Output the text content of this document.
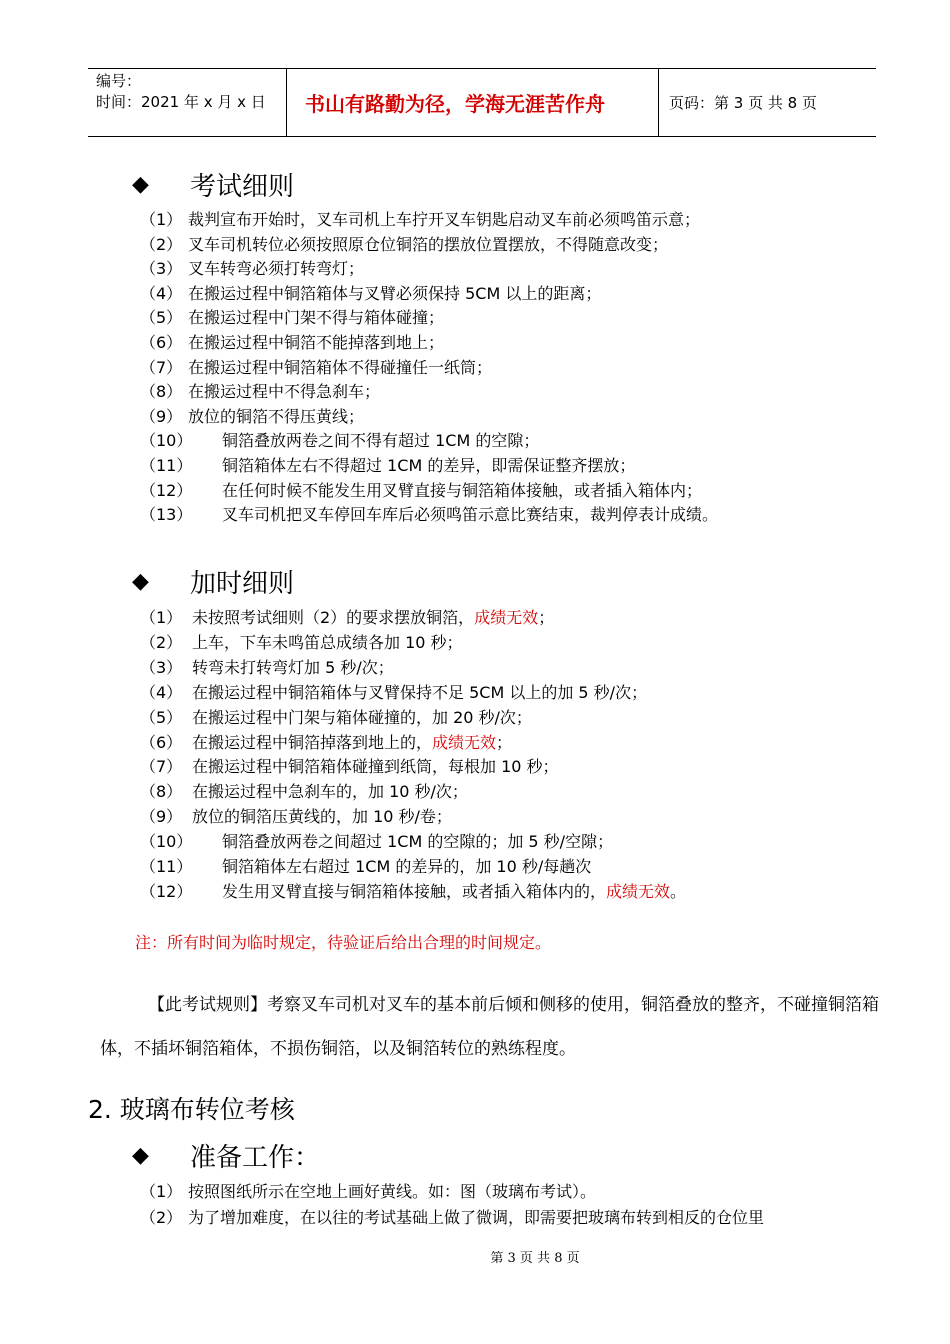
编号：
时间：2021 年 x 月 x 日	书山有路勤为径，学海无涯苦作舟	页码：第 3 页 共 8 页
◆	考试细则
（1） 裁判宣布开始时，叉车司机上车拧开叉车钥匙启动叉车前必须鸣笛示意；
（2） 叉车司机转位必须按照原仓位铜箔的摆放位置摆放，不得随意改变；
（3） 叉车转弯必须打转弯灯；
（4） 在搬运过程中铜箔箱体与叉臂必须保持 5CM 以上的距离；
（5） 在搬运过程中门架不得与箱体碰撞；
（6） 在搬运过程中铜箔不能掉落到地上；
（7） 在搬运过程中铜箔箱体不得碰撞任一纸筒；
（8） 在搬运过程中不得急刹车；
（9） 放位的铜箔不得压黄线；
（10） 铜箔叠放两卷之间不得有超过 1CM 的空隙；
（11） 铜箔箱体左右不得超过 1CM 的差异，即需保证整齐摆放；
（12） 在任何时候不能发生用叉臂直接与铜箔箱体接触，或者插入箱体内；
（13） 叉车司机把叉车停回车库后必须鸣笛示意比赛结束，裁判停表计成绩。
◆	加时细则
（1） 未按照考试细则（2）的要求摆放铜箔，成绩无效；
（2） 上车，下车未鸣笛总成绩各加 10 秒；
（3） 转弯未打转弯灯加 5 秒/次；
（4） 在搬运过程中铜箔箱体与叉臂保持不足 5CM 以上的加 5 秒/次；
（5） 在搬运过程中门架与箱体碰撞的，加 20 秒/次；
（6） 在搬运过程中铜箔掉落到地上的，成绩无效；
（7） 在搬运过程中铜箔箱体碰撞到纸筒，每根加 10 秒；
（8） 在搬运过程中急刹车的，加 10 秒/次；
（9） 放位的铜箔压黄线的，加 10 秒/卷；
（10） 铜箔叠放两卷之间超过 1CM 的空隙的；加 5 秒/空隙；
（11） 铜箔箱体左右超过 1CM 的差异的，加 10 秒/每趟次
（12） 发生用叉臂直接与铜箔箱体接触，或者插入箱体内的，成绩无效。
注：所有时间为临时规定，待验证后给出合理的时间规定。
【此考试规则】考察叉车司机对叉车的基本前后倾和侧移的使用，铜箔叠放的整齐，不碰撞铜箔箱体，不插坏铜箔箱体，不损伤铜箔，以及铜箔转位的熟练程度。
2. 玻璃布转位考核
◆	准备工作：
（1） 按照图纸所示在空地上画好黄线。如：图（玻璃布考试）。
（2） 为了增加难度，在以往的考试基础上做了微调，即需要把玻璃布转到相反的仓位里
第 3 页 共 8 页
